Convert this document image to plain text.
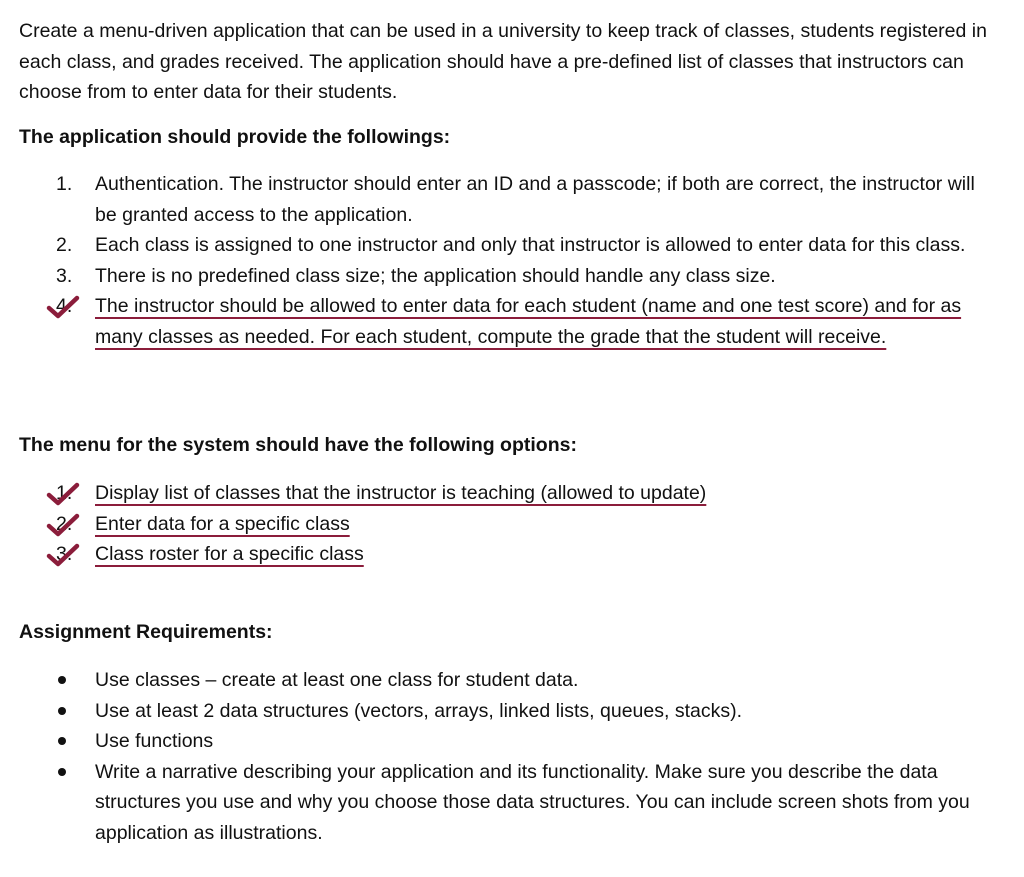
Create a menu-driven application that can be used in a university to keep track of classes, students registered in each class, and grades received. The application should have a pre-defined list of classes that instructors can choose from to enter data for their students.

The application should provide the followings:

1. Authentication. The instructor should enter an ID and a passcode; if both are correct, the instructor will be granted access to the application.
2. Each class is assigned to one instructor and only that instructor is allowed to enter data for this class.
3. There is no predefined class size; the application should handle any class size.
4. The instructor should be allowed to enter data for each student (name and one test score) and for as many classes as needed. For each student, compute the grade that the student will receive.

The menu for the system should have the following options:

1. Display list of classes that the instructor is teaching (allowed to update)
2. Enter data for a specific class
3. Class roster for a specific class

Assignment Requirements:

Use classes – create at least one class for student data.
Use at least 2 data structures (vectors, arrays, linked lists, queues, stacks).
Use functions
Write a narrative describing your application and its functionality. Make sure you describe the data structures you use and why you choose those data structures. You can include screen shots from you application as illustrations.
